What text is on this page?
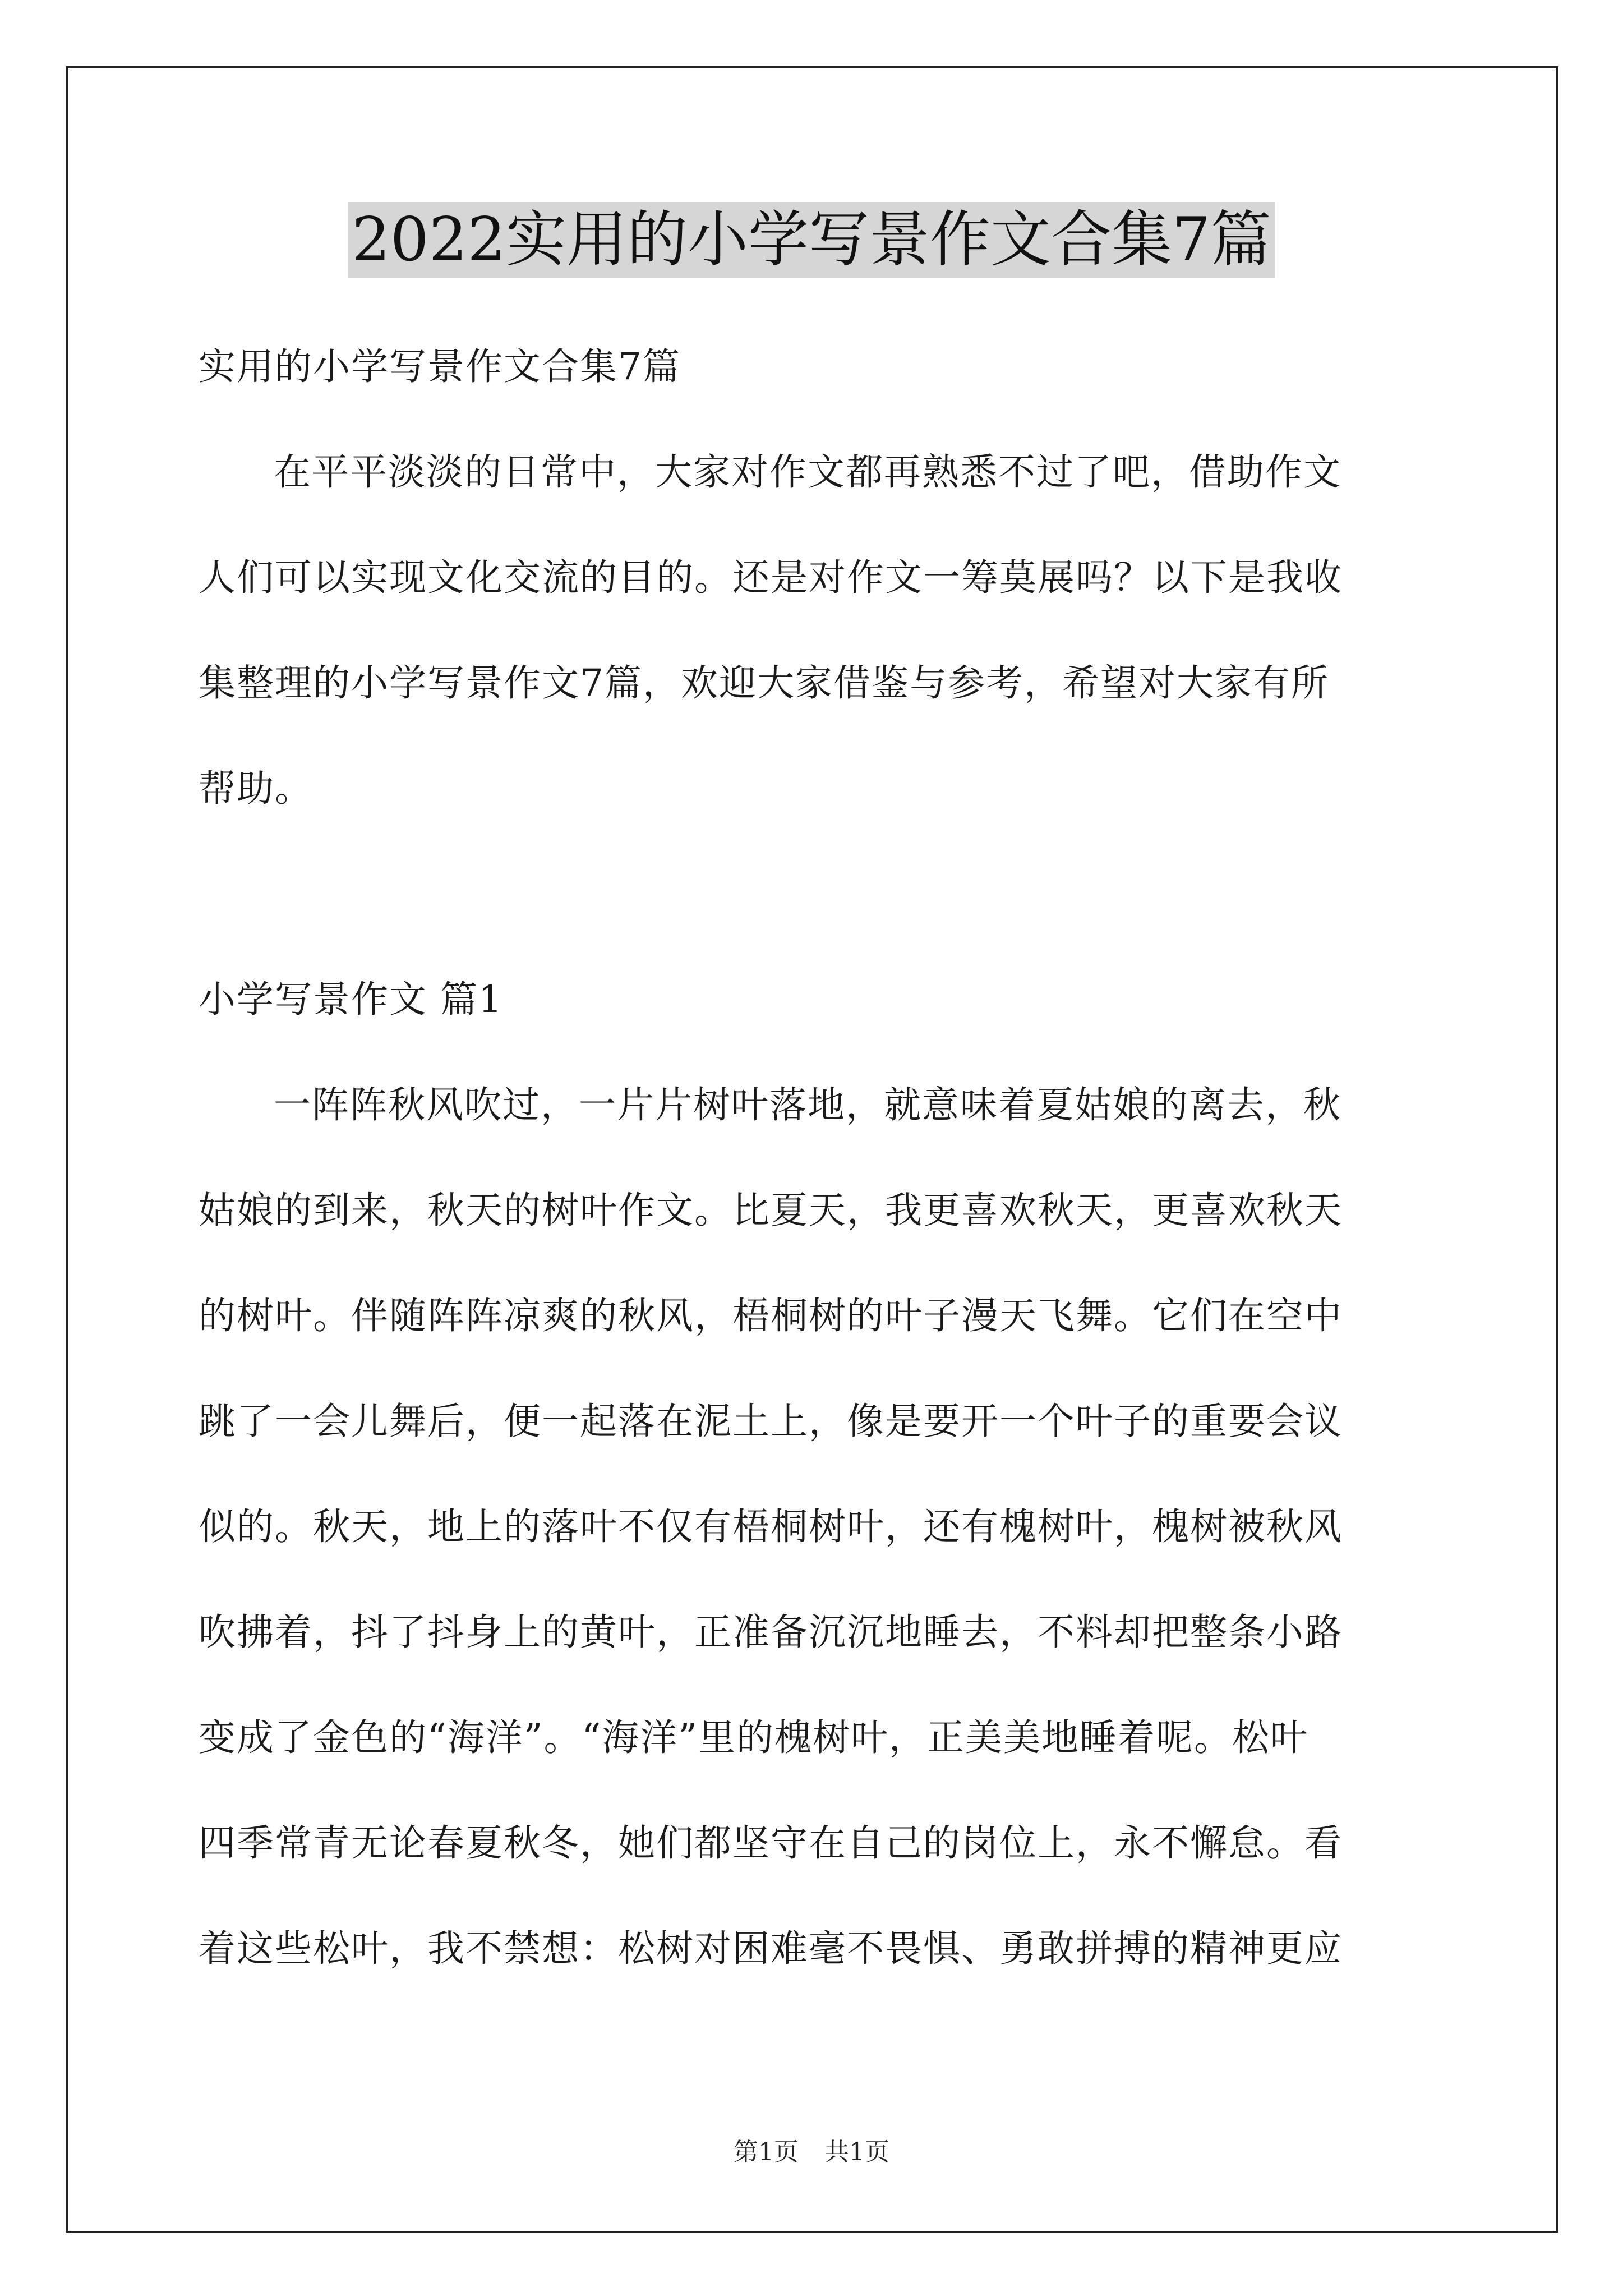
2022实用的小学写景作文合集7篇
实用的小学写景作文合集7篇
在平平淡淡的日常中，大家对作文都再熟悉不过了吧，借助作文
人们可以实现文化交流的目的。还是对作文一筹莫展吗？以下是我收
集整理的小学写景作文7篇，欢迎大家借鉴与参考，希望对大家有所
帮助。
小学写景作文 篇1
一阵阵秋风吹过，一片片树叶落地，就意味着夏姑娘的离去，秋
姑娘的到来，秋天的树叶作文。比夏天，我更喜欢秋天，更喜欢秋天
的树叶。伴随阵阵凉爽的秋风，梧桐树的叶子漫天飞舞。它们在空中
跳了一会儿舞后，便一起落在泥土上，像是要开一个叶子的重要会议
似的。秋天，地上的落叶不仅有梧桐树叶，还有槐树叶，槐树被秋风
吹拂着，抖了抖身上的黄叶，正准备沉沉地睡去，不料却把整条小路
变成了金色的“海洋”。“海洋”里的槐树叶，正美美地睡着呢。松叶
四季常青无论春夏秋冬，她们都坚守在自己的岗位上，永不懈怠。看
着这些松叶，我不禁想：松树对困难毫不畏惧、勇敢拼搏的精神更应
第1页 共1页
